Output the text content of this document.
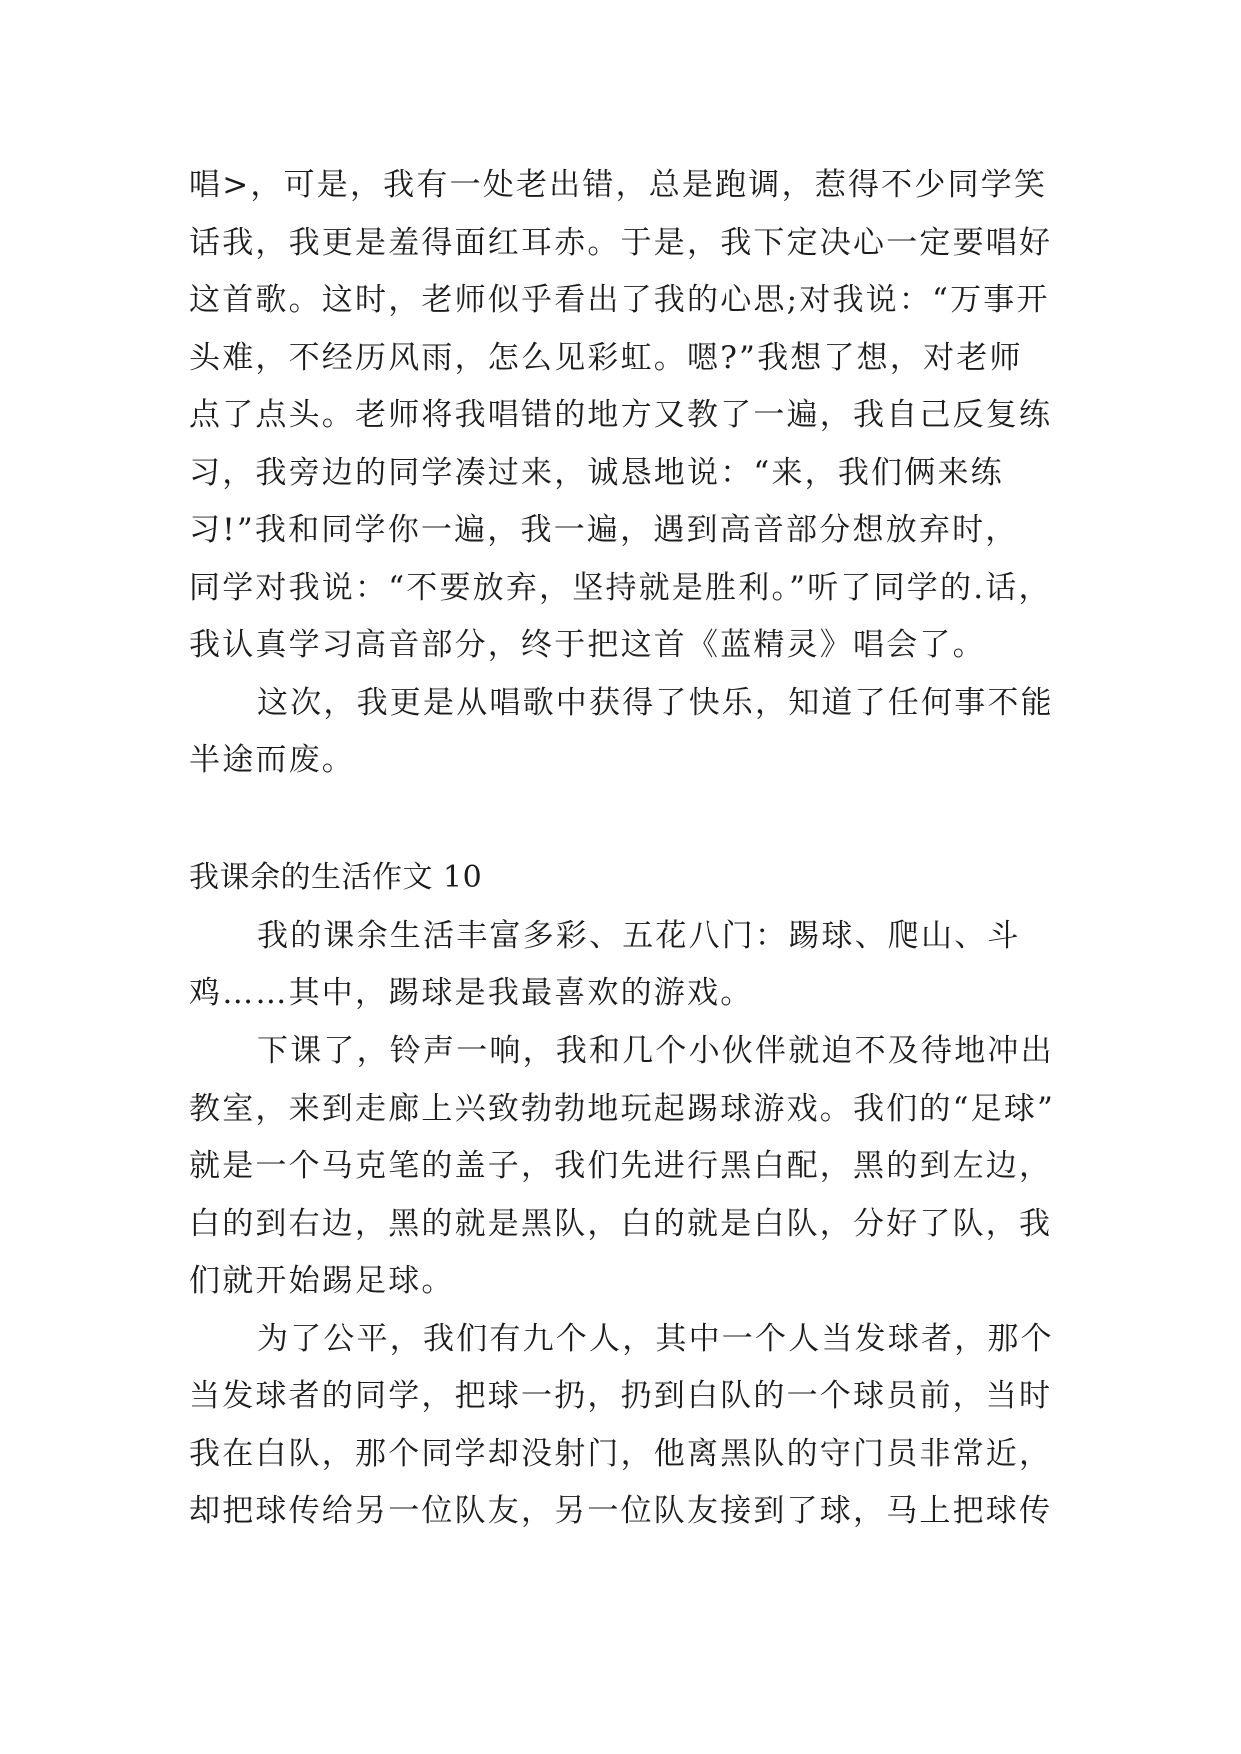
唱>，可是，我有一处老出错，总是跑调，惹得不少同学笑
话我，我更是羞得面红耳赤。于是，我下定决心一定要唱好
这首歌。这时，老师似乎看出了我的心思;对我说：“万事开
头难，不经历风雨，怎么见彩虹。嗯?”我想了想，对老师
点了点头。老师将我唱错的地方又教了一遍，我自己反复练
习，我旁边的同学凑过来，诚恳地说：“来，我们俩来练
习!”我和同学你一遍，我一遍，遇到高音部分想放弃时，
同学对我说：“不要放弃，坚持就是胜利。”听了同学的.话，
我认真学习高音部分，终于把这首《蓝精灵》唱会了。
这次，我更是从唱歌中获得了快乐，知道了任何事不能
半途而废。
我课余的生活作文 10
我的课余生活丰富多彩、五花八门：踢球、爬山、斗
鸡……其中，踢球是我最喜欢的游戏。
下课了，铃声一响，我和几个小伙伴就迫不及待地冲出
教室，来到走廊上兴致勃勃地玩起踢球游戏。我们的“足球”
就是一个马克笔的盖子，我们先进行黑白配，黑的到左边，
白的到右边，黑的就是黑队，白的就是白队，分好了队，我
们就开始踢足球。
为了公平，我们有九个人，其中一个人当发球者，那个
当发球者的同学，把球一扔，扔到白队的一个球员前，当时
我在白队，那个同学却没射门，他离黑队的守门员非常近，
却把球传给另一位队友，另一位队友接到了球，马上把球传
